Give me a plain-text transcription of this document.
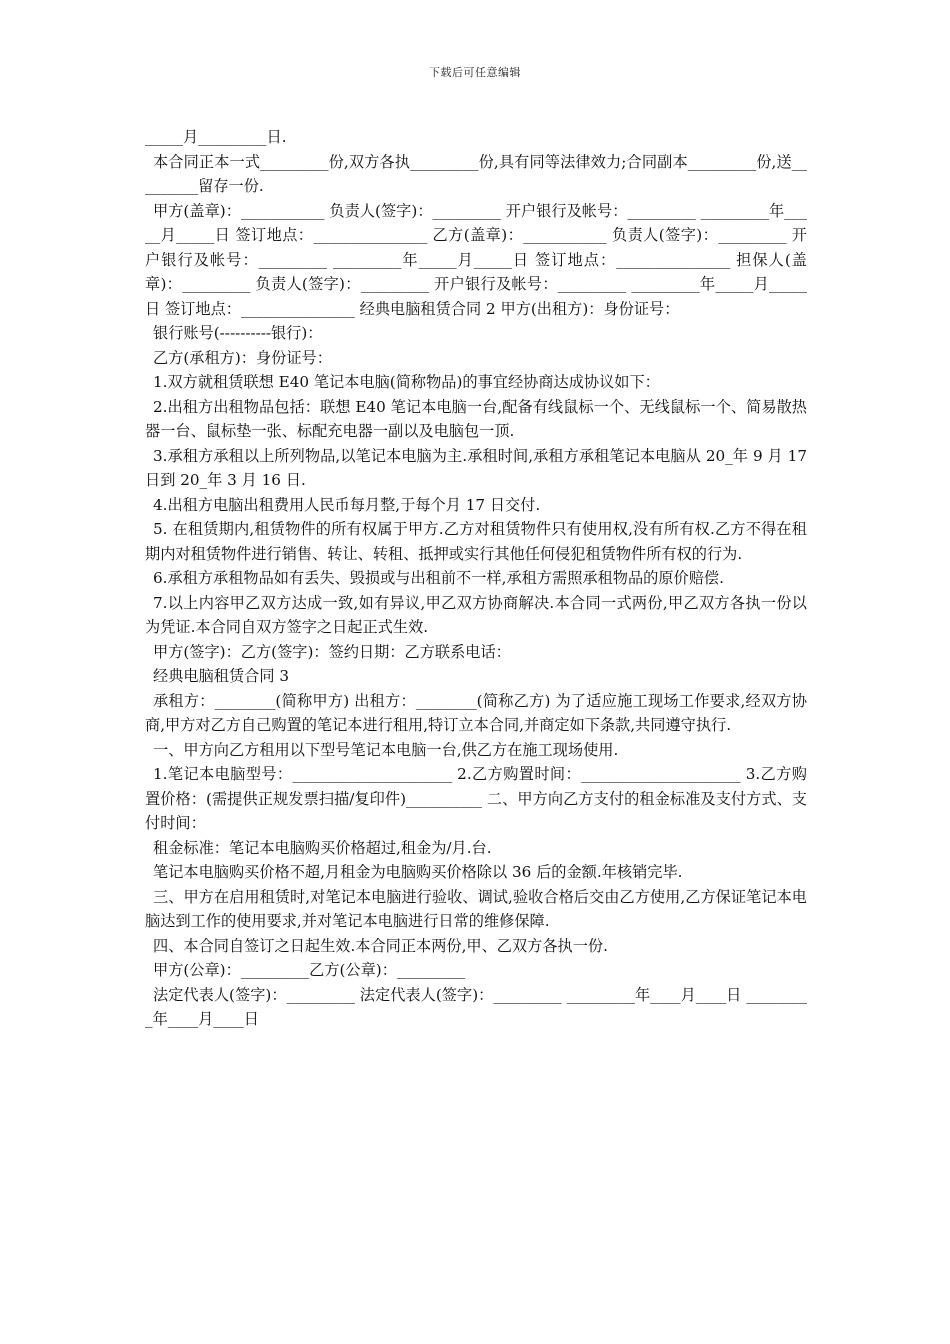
下载后可任意编辑

_____月_________日.

本合同正本一式_________份,双方各执_________份,具有同等法律效力;合同副本_________份,送_________留存一份.

甲方(盖章)：___________ 负责人(签字)：_________ 开户银行及帐号：_________ _________年_____月_____日 签订地点：_______________ 乙方(盖章)：___________ 负责人(签字)：_________ 开户银行及帐号：_________ _________年_____月_____日 签订地点：_______________ 担保人(盖章)：_________ 负责人(签字)：_________ 开户银行及帐号：_________ _________年_____月_____日 签订地点：_______________ 经典电脑租赁合同 2 甲方(出租方)：身份证号：

银行账号(----------银行)：

乙方(承租方)：身份证号：

1.双方就租赁联想 E40 笔记本电脑(简称物品)的事宜经协商达成协议如下：

2.出租方出租物品包括：联想 E40 笔记本电脑一台,配备有线鼠标一个、无线鼠标一个、简易散热器一台、鼠标垫一张、标配充电器一副以及电脑包一顶.

3.承租方承租以上所列物品,以笔记本电脑为主.承租时间,承租方承租笔记本电脑从 20_年 9 月 17 日到 20_年 3 月 16 日.

4.出租方电脑出租费用人民币每月整,于每个月 17 日交付.

5. 在租赁期内,租赁物件的所有权属于甲方.乙方对租赁物件只有使用权,没有所有权.乙方不得在租期内对租赁物件进行销售、转让、转租、抵押或实行其他任何侵犯租赁物件所有权的行为.

6.承租方承租物品如有丢失、毁损或与出租前不一样,承租方需照承租物品的原价赔偿.

7.以上内容甲乙双方达成一致,如有异议,甲乙双方协商解决.本合同一式两份,甲乙双方各执一份以为凭证.本合同自双方签字之日起正式生效.

甲方(签字)：乙方(签字)：签约日期：乙方联系电话：

经典电脑租赁合同 3

承租方：________(简称甲方) 出租方：________(简称乙方) 为了适应施工现场工作要求,经双方协商,甲方对乙方自己购置的笔记本进行租用,特订立本合同,并商定如下条款,共同遵守执行.

一、甲方向乙方租用以下型号笔记本电脑一台,供乙方在施工现场使用.

1.笔记本电脑型号：_____________________ 2.乙方购置时间：_____________________ 3.乙方购置价格：(需提供正规发票扫描/复印件)__________ 二、甲方向乙方支付的租金标准及支付方式、支付时间：

租金标准：笔记本电脑购买价格超过,租金为/月.台.

笔记本电脑购买价格不超,月租金为电脑购买价格除以 36 后的金额.年核销完毕.

三、甲方在启用租赁时,对笔记本电脑进行验收、调试,验收合格后交由乙方使用,乙方保证笔记本电脑达到工作的使用要求,并对笔记本电脑进行日常的维修保障.

四、本合同自签订之日起生效.本合同正本两份,甲、乙双方各执一份.

甲方(公章)：_________乙方(公章)：_________

法定代表人(签字)：_________ 法定代表人(签字)：_________ _________年____月____日 _________年____月____日
